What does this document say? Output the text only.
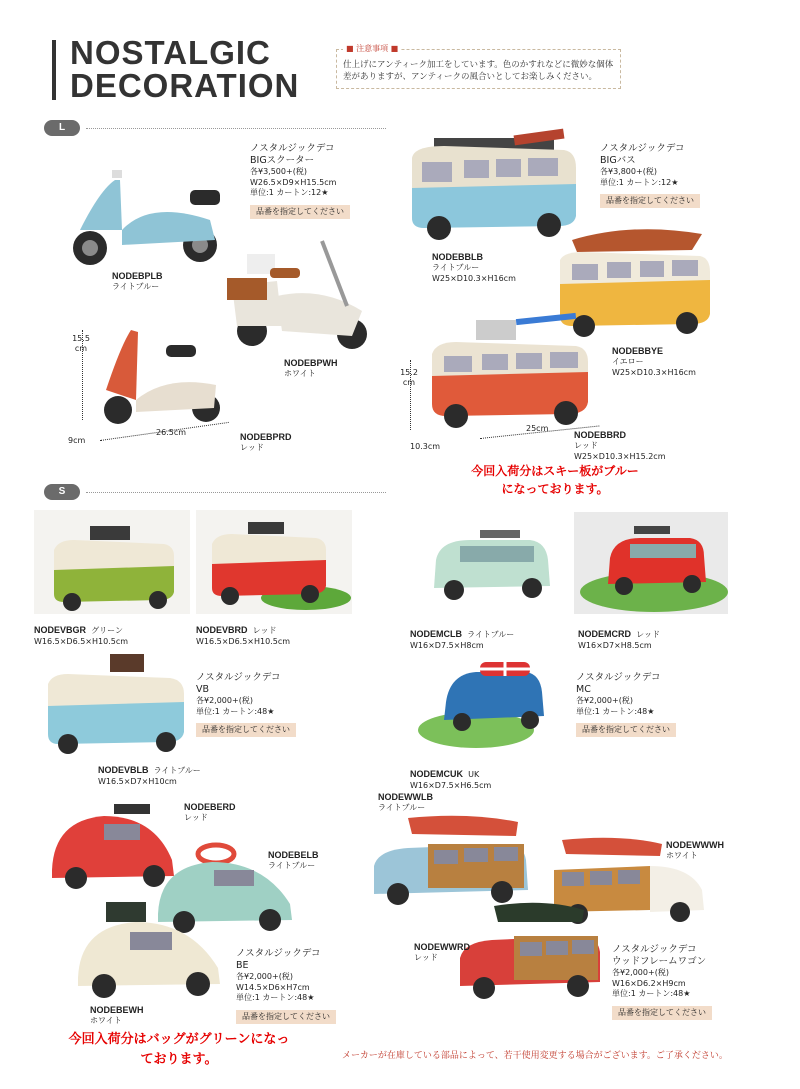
NOSTALGIC
DECORATION
■ 注意事項 ■
仕上げにアンティーク加工をしています。色のかすれなどに微妙な個体差がありますが、アンティークの風合いとしてお楽しみください。
L
ノスタルジックデコ
BIGスクーター
各¥3,500+(税)
W26.5×D9×H15.5cm
単位:1 カートン:12★
品番を指定してください
NODEBPLB
ライトブルー
NODEBPWH
ホワイト
15.5 cm
9cm
26.5cm	NODEBPRD
レッド
ノスタルジックデコ
BIGバス
各¥3,800+(税)
単位:1 カートン:12★
品番を指定してください
NODEBBLB
ライトブルー
W25×D10.3×H16cm
NODEBBYE
イエロー
W25×D10.3×H16cm
15.2 cm
10.3cm
25cm
NODEBBRD
レッド
W25×D10.3×H15.2cm
今回入荷分はスキー板がブルーになっております。
S
NODEVBGR グリーン
W16.5×D6.5×H10.5cm
NODEVBRD レッド
W16.5×D6.5×H10.5cm
NODEVBLB ライトブルー
W16.5×D7×H10cm
ノスタルジックデコ
VB
各¥2,000+(税)
単位:1 カートン:48★
品番を指定してください
NODEMCLB ライトブルー
W16×D7.5×H8cm
NODEMCRD レッド
W16×D7×H8.5cm
NODEMCUK UK
W16×D7.5×H6.5cm
ノスタルジックデコ
MC
各¥2,000+(税)
単位:1 カートン:48★
品番を指定してください
NODEBERD
レッド
NODEBELB
ライトブルー
NODEBEWH
ホワイト
ノスタルジックデコ
BE
各¥2,000+(税)
W14.5×D6×H7cm
単位:1 カートン:48★
品番を指定してください
今回入荷分はバッグがグリーンになっております。
NODEWWLB
ライトブルー
NODEWWWH
ホワイト
NODEWWRD
レッド
ノスタルジックデコ
ウッドフレームワゴン
各¥2,000+(税)
W16×D6.2×H9cm
単位:1 カートン:48★
品番を指定してください
メーカーが在庫している部品によって、若干使用変更する場合がございます。ご了承ください。
